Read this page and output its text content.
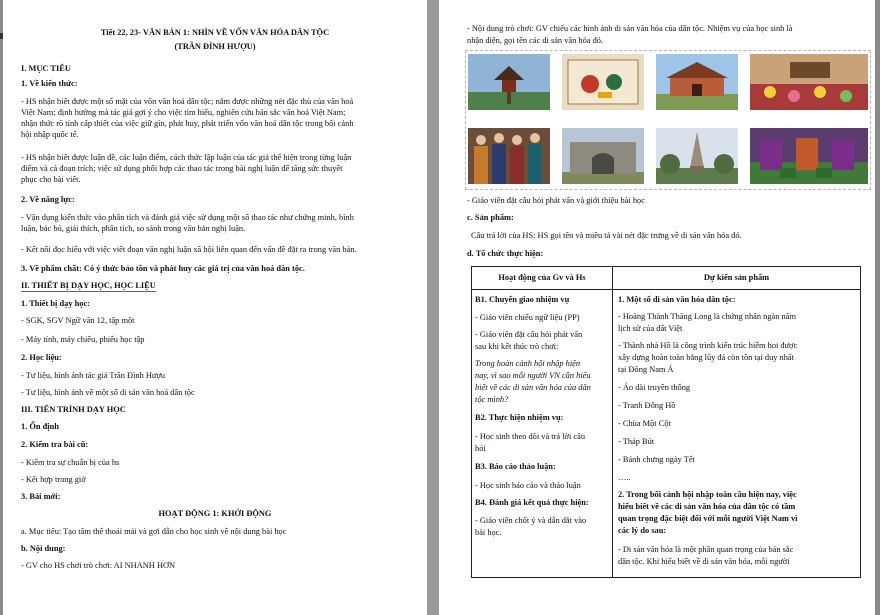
Tiết 22, 23- VĂN BẢN 1: NHÌN VỀ VỐN VĂN HÓA DÂN TỘC
(TRẦN ĐÌNH HƯỢU)
I. MỤC TIÊU
1. Về kiến thức:
- HS nhận biết được một số mặt của vốn văn hoá dân tộc; nắm được những nét đặc thù của văn hoá
Việt Nam; định hướng mà tác giả gợi ý cho việc tìm hiểu, nghiên cứu bản sắc văn hoá Việt Nam;
nhận thức rõ tính cấp thiết của việc giữ gìn, phát huy, phát triển vốn văn hoá dân tộc trong bối cảnh
hội nhập quốc tế.
- HS nhận biết được luận đề, các luận điểm, cách thức lập luận của tác giả thể hiện trong từng luận
điểm và cả đoạn trích; việc sử dụng phối hợp các thao tác trong bài nghị luận để tăng sức thuyết
phục cho bài viết.
2. Về năng lực:
- Vận dụng kiến thức vào phân tích và đánh giá việc sử dụng một số thao tác như chứng minh, bình
luận, bác bỏ, giải thích, phân tích, so sánh trong văn bản nghị luận.
- Kết nối đọc hiểu với việc viết đoạn văn nghị luận xã hội liên quan đến vấn đề đặt ra trong văn bản.
3. Về phẩm chất: Có ý thức bảo tồn và phát huy các giá trị của văn hoá dân tộc.
II. THIẾT BỊ DẠY HỌC, HỌC LIỆU
1. Thiết bị dạy học:
- SGK, SGV Ngữ văn 12, tập một
- Máy tính, máy chiếu, phiếu học tập
2. Học liệu:
- Tư liệu, hình ảnh tác giả Trần Đình Hượu
- Tư liệu, hình ảnh về một số di sản văn hoá dân tộc
III. TIẾN TRÌNH DẠY HỌC
1. Ổn định
2. Kiểm tra bài cũ:
- Kiểm tra sự chuẩn bị của hs
- Kết hợp trong giờ
3. Bài mới:
HOẠT ĐỘNG 1: KHỞI ĐỘNG
a. Mục tiêu: Tạo tâm thế thoải mái và gợi dẫn cho học sinh về nội dung bài học
b. Nội dung:
- GV cho HS chơi trò chơi: AI NHANH HƠN
- Nội dung trò chơi: GV chiếu các hình ảnh di sản văn hóa của dân tộc. Nhiệm vụ của học sinh là
nhận diện, gọi tên các di sản văn hóa đó.
- Giáo viên đặt câu hỏi phát vấn và giới thiệu bài học
c. Sản phẩm:
Câu trả lời của HS: HS gọi tên và miêu tả vài nét đặc trưng về di sản văn hóa đó.
d. Tổ chức thực hiện:
Hoạt động của Gv và Hs	Dự kiến sản phẩm
B1. Chuyển giao nhiệm vụ
- Giáo viên chiếu ngữ liệu (PP)
- Giáo viên đặt câu hỏi phát vấn
sau khi kết thúc trò chơi:
Trong hoàn cảnh hội nhập hiện
nay, vì sao mỗi người VN cần hiểu
biết về các di sản văn hóa của dân
tộc mình?
B2. Thực hiện nhiệm vụ:
- Học sinh theo dõi và trả lời câu
hỏi
B3. Báo cáo thảo luận:
- Học sinh báo cáo và thảo luận
B4. Đánh giá kết quả thực hiện:
- Giáo viên chốt ý và dẫn dắt vào
bài học.
1. Một số di sản văn hóa dân tộc:
- Hoàng Thành Thăng Long là chứng nhân ngàn năm
lịch sử của đất Việt
- Thành nhà Hồ là công trình kiến trúc hiếm hoi được
xây dựng hoàn toàn bằng lũy đá còn tồn tại duy nhất
tại Đông Nam Á
- Áo dài truyền thống
- Tranh Đông Hồ
- Chùa Một Cột
- Tháp Bút
- Bánh chưng ngày Tết
…..
2. Trong bối cảnh hội nhập toàn cầu hiện nay, việc
hiểu biết về các di sản văn hóa của dân tộc có tầm
quan trọng đặc biệt đối với mỗi người Việt Nam vì
các lý do sau:
- Di sản văn hóa là một phần quan trọng của bản sắc
dân tộc. Khi hiểu biết về di sản văn hóa, mỗi người
